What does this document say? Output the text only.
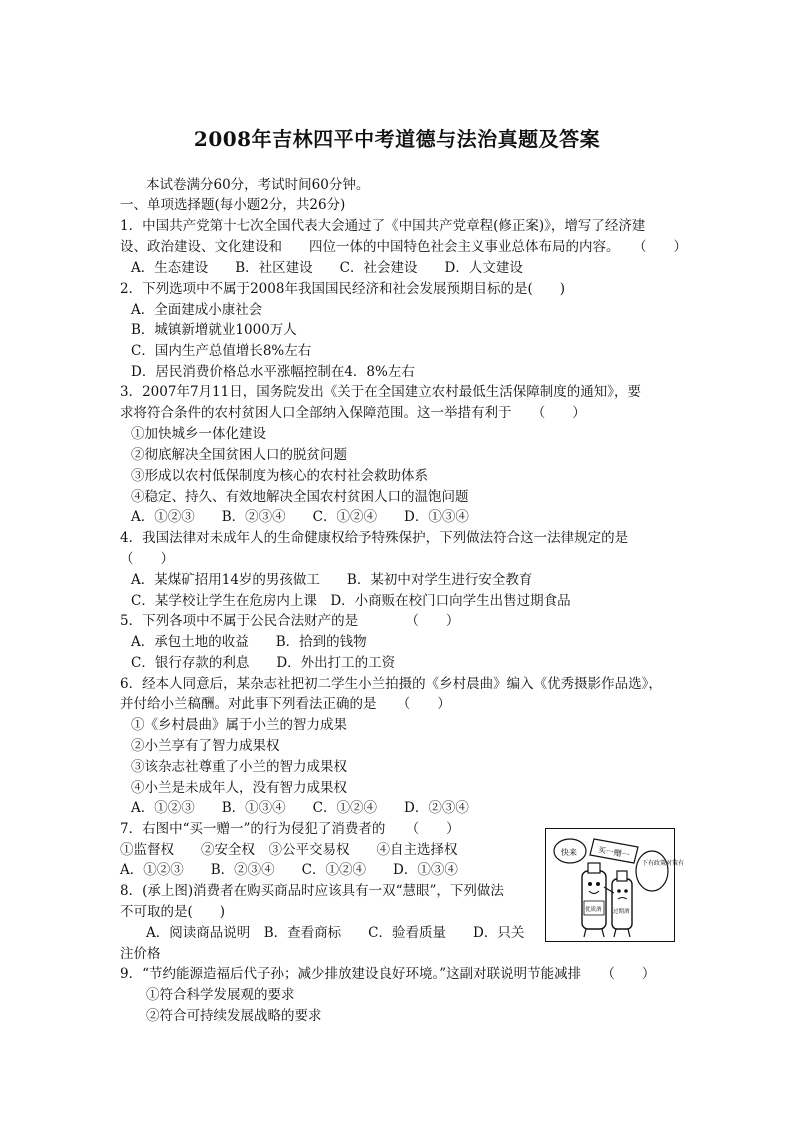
2008年吉林四平中考道德与法治真题及答案
本试卷满分60分，考试时间60分钟。
一、单项选择题(每小题2分，共26分)
1．中国共产党第十七次全国代表大会通过了《中国共产党章程(修正案)》，增写了经济建
设、政治建设、文化建设和　　四位一体的中国特色社会主义事业总体布局的内容。　　（　　）
A．生态建设　　B．社区建设　　C．社会建设　　D．人文建设
2．下列选项中不属于2008年我国国民经济和社会发展预期目标的是(　　)
A．全面建成小康社会
B．城镇新增就业1000万人
C．国内生产总值增长8%左右
D．居民消费价格总水平涨幅控制在4．8%左右
3．2007年7月11日，国务院发出《关于在全国建立农村最低生活保障制度的通知》，要
求将符合条件的农村贫困人口全部纳入保障范围。这一举措有利于　　（　　）
①加快城乡一体化建设
②彻底解决全国贫困人口的脱贫问题
③形成以农村低保制度为核心的农村社会救助体系
④稳定、持久、有效地解决全国农村贫困人口的温饱问题
A．①②③　　B．②③④　　C．①②④　　D．①③④
4．我国法律对未成年人的生命健康权给予特殊保护，下列做法符合这一法律规定的是
（　　）
A．某煤矿招用14岁的男孩做工　　B．某初中对学生进行安全教育
C．某学校让学生在危房内上课　D．小商贩在校门口向学生出售过期食品
5．下列各项中不属于公民合法财产的是　　　　（　　）
A．承包土地的收益　　B．拾到的钱物
C．银行存款的利息　　D．外出打工的工资
6．经本人同意后，某杂志社把初二学生小兰拍摄的《乡村晨曲》编入《优秀摄影作品选》，
并付给小兰稿酬。对此事下列看法正确的是　　（　　）
①《乡村晨曲》属于小兰的智力成果
②小兰享有了智力成果权
③该杂志社尊重了小兰的智力成果权
④小兰是未成年人，没有智力成果权
A．①②③　　B．①③④　　C．①②④　　D．②③④
7．右图中“买一赠一”的行为侵犯了消费者的　　（　　）
①监督权　　②安全权　③公平交易权　　④自主选择权
A．①②③　　B．②③④　　C．①②④　　D．①③④
8．(承上图)消费者在购买商品时应该具有一双“慧眼”，下列做法
不可取的是(　　)
A．阅读商品说明　B．查看商标　　C．验看质量　　D．只关
注价格
9．“节约能源造福后代子孙；减少排放建设良好环境。”这副对联说明节能减排　　（　　）
①符合科学发展观的要求
②符合可持续发展战略的要求
快来	买一赠一
下有政策对策有
优质酒 过期酒
